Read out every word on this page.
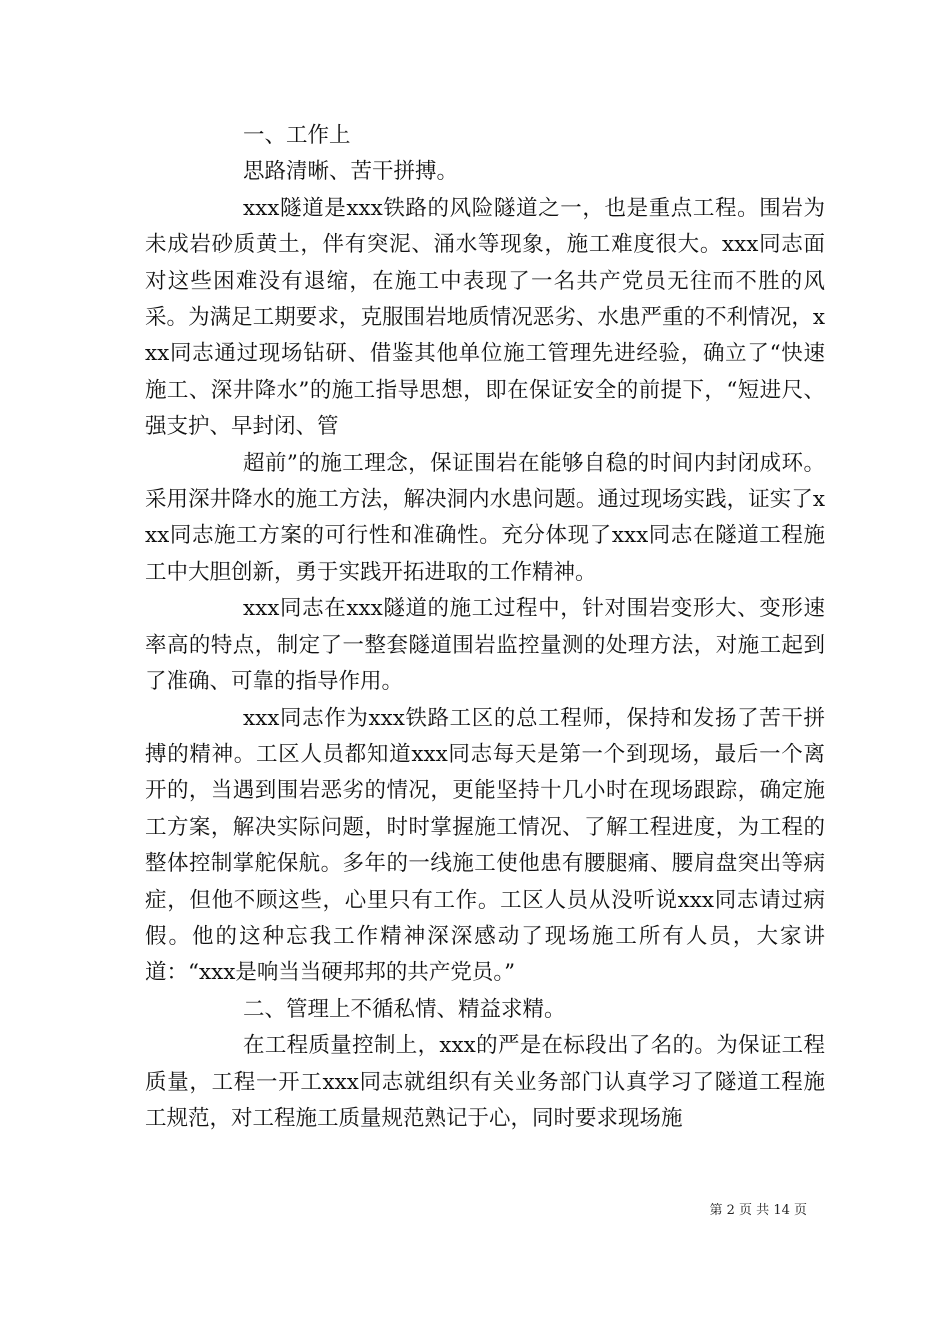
一、工作上

思路清晰、苦干拼搏。

xxx隧道是xxx铁路的风险隧道之一，也是重点工程。围岩为未成岩砂质黄土，伴有突泥、涌水等现象，施工难度很大。xxx同志面对这些困难没有退缩，在施工中表现了一名共产党员无往而不胜的风采。为满足工期要求，克服围岩地质情况恶劣、水患严重的不利情况，xxx同志通过现场钻研、借鉴其他单位施工管理先进经验，确立了“快速施工、深井降水”的施工指导思想，即在保证安全的前提下，“短进尺、强支护、早封闭、管

超前”的施工理念，保证围岩在能够自稳的时间内封闭成环。采用深井降水的施工方法，解决洞内水患问题。通过现场实践，证实了xxx同志施工方案的可行性和准确性。充分体现了xxx同志在隧道工程施工中大胆创新，勇于实践开拓进取的工作精神。

xxx同志在xxx隧道的施工过程中，针对围岩变形大、变形速率高的特点，制定了一整套隧道围岩监控量测的处理方法，对施工起到了准确、可靠的指导作用。

xxx同志作为xxx铁路工区的总工程师，保持和发扬了苦干拼搏的精神。工区人员都知道xxx同志每天是第一个到现场，最后一个离开的，当遇到围岩恶劣的情况，更能坚持十几小时在现场跟踪，确定施工方案，解决实际问题，时时掌握施工情况、了解工程进度，为工程的整体控制掌舵保航。多年的一线施工使他患有腰腿痛、腰肩盘突出等病症，但他不顾这些，心里只有工作。工区人员从没听说xxx同志请过病假。他的这种忘我工作精神深深感动了现场施工所有人员，大家讲道：“xxx是响当当硬邦邦的共产党员。”

二、管理上不循私情、精益求精。

在工程质量控制上，xxx的严是在标段出了名的。为保证工程质量，工程一开工xxx同志就组织有关业务部门认真学习了隧道工程施工规范，对工程施工质量规范熟记于心，同时要求现场施

第 2 页 共 14 页
